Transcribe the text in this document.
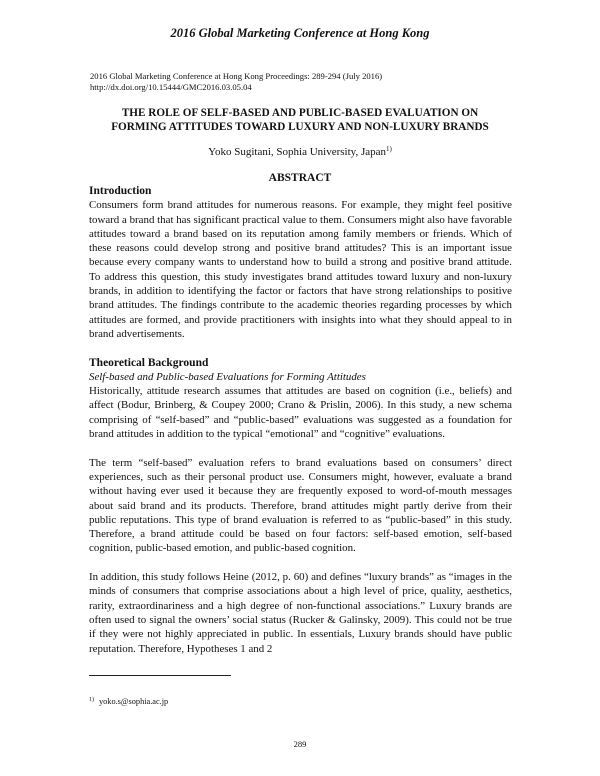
2016 Global Marketing Conference at Hong Kong
2016 Global Marketing Conference at Hong Kong Proceedings: 289-294 (July 2016)
http://dx.doi.org/10.15444/GMC2016.03.05.04
THE ROLE OF SELF-BASED AND PUBLIC-BASED EVALUATION ON
FORMING ATTITUDES TOWARD LUXURY AND NON-LUXURY BRANDS
Yoko Sugitani, Sophia University, Japan$^{1)}$
ABSTRACT
Introduction

Consumers form brand attitudes for numerous reasons. For example, they might feel positive toward a brand that has significant practical value to them. Consumers might also have favorable attitudes toward a brand based on its reputation among family members or friends. Which of these reasons could develop strong and positive brand attitudes? This is an important issue because every company wants to understand how to build a strong and positive brand attitude. To address this question, this study investigates brand attitudes toward luxury and non-luxury brands, in addition to identifying the factor or factors that have strong relationships to positive brand attitudes. The findings contribute to the academic theories regarding processes by which attitudes are formed, and provide practitioners with insights into what they should appeal to in brand advertisements.

Theoretical Background
Self-based and Public-based Evaluations for Forming Attitudes

Historically, attitude research assumes that attitudes are based on cognition (i.e., beliefs) and affect (Bodur, Brinberg, & Coupey 2000; Crano & Prislin, 2006). In this study, a new schema comprising of “self-based” and “public-based” evaluations was suggested as a foundation for brand attitudes in addition to the typical “emotional” and “cognitive” evaluations.

The term “self-based” evaluation refers to brand evaluations based on consumers’ direct experiences, such as their personal product use. Consumers might, however, evaluate a brand without having ever used it because they are frequently exposed to word-of-mouth messages about said brand and its products. Therefore, brand attitudes might partly derive from their public reputations. This type of brand evaluation is referred to as “public-based” in this study. Therefore, a brand attitude could be based on four factors: self-based emotion, self-based cognition, public-based emotion, and public-based cognition.

In addition, this study follows Heine (2012, p. 60) and defines “luxury brands” as “images in the minds of consumers that comprise associations about a high level of price, quality, aesthetics, rarity, extraordinariness and a high degree of non-functional associations.” Luxury brands are often used to signal the owners’ social status (Rucker & Galinsky, 2009). This could not be true if they were not highly appreciated in public. In essentials, Luxury brands should have public reputation. Therefore, Hypotheses 1 and 2

$^{1)}$ yoko.s@sophia.ac.jp
289
